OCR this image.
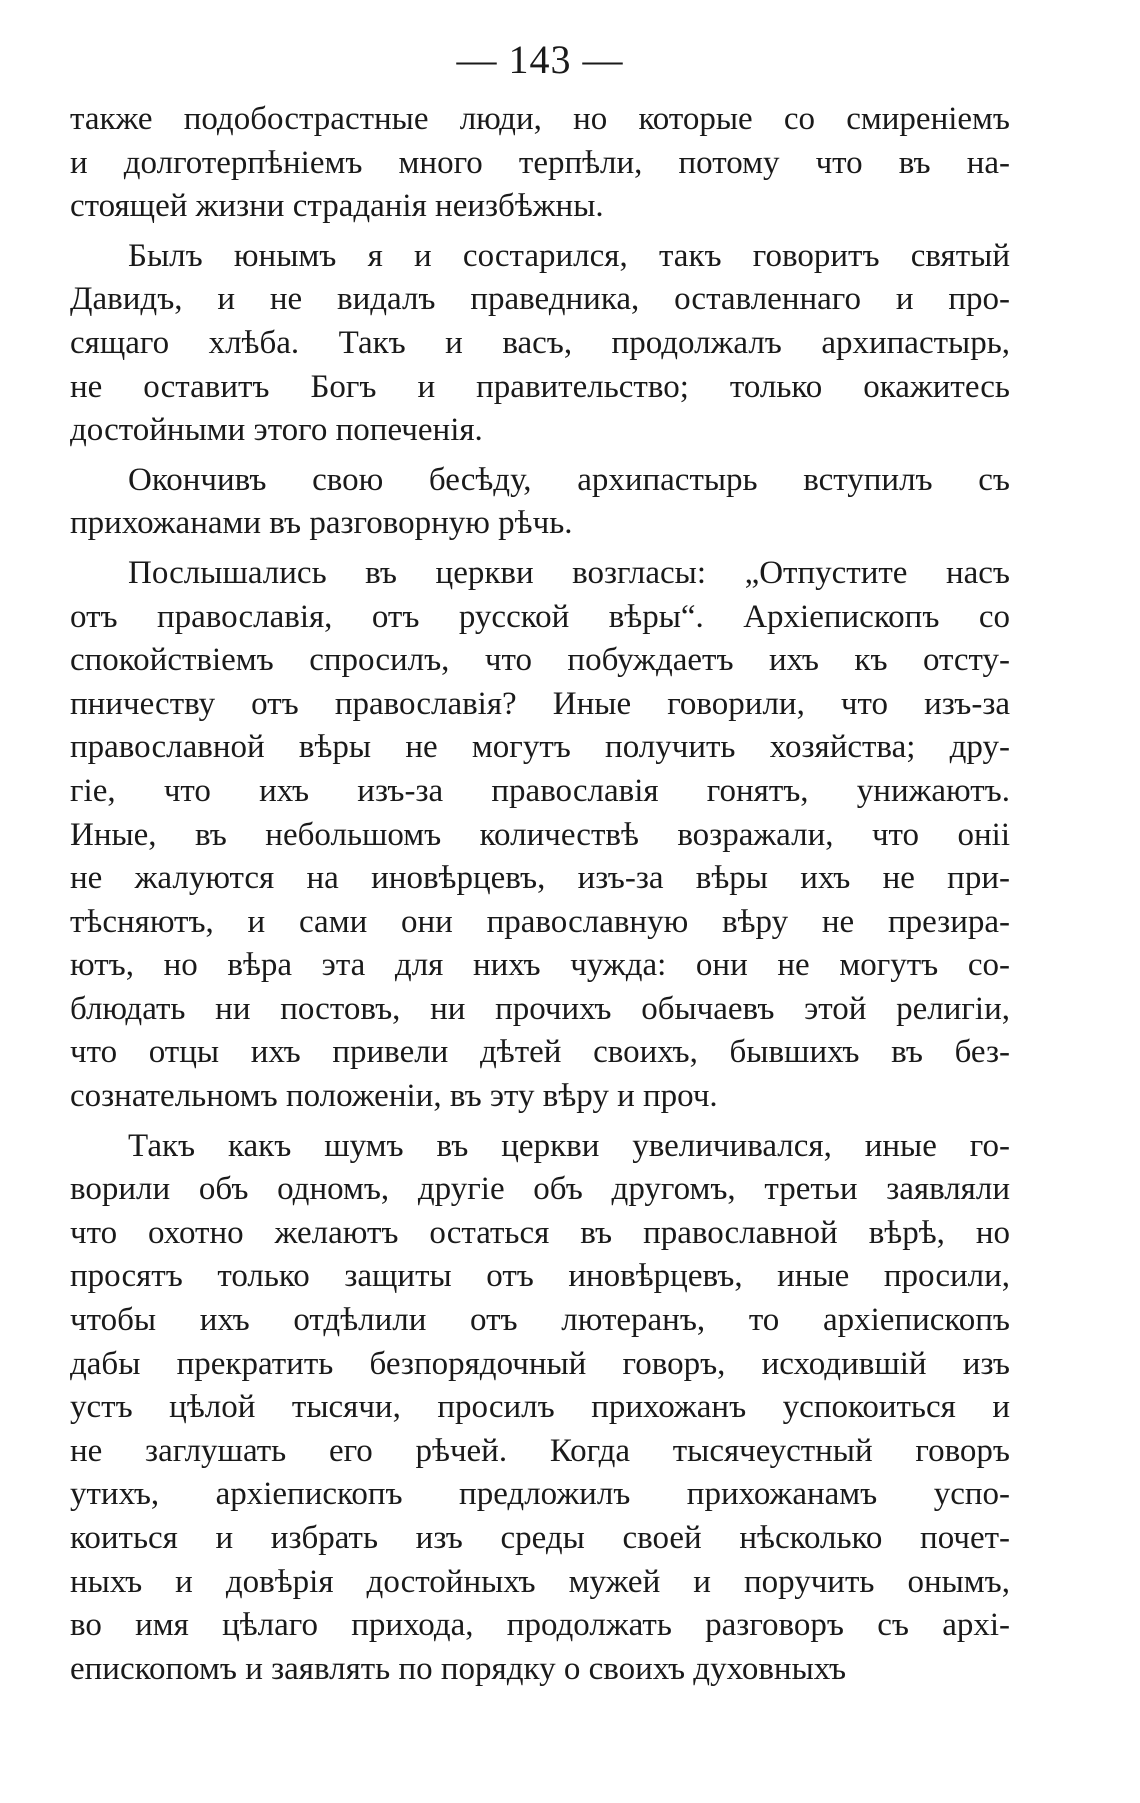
— 143 —
также подобострастные люди, но которые со смиреніемъ
и долготерпѣніемъ много терпѣли, потому что въ на-
стоящей жизни страданія неизбѣжны.
Былъ юнымъ я и состарился, такъ говоритъ святый
Давидъ, и не видалъ праведника, оставленнаго и про-
сящаго хлѣба. Такъ и васъ, продолжалъ архипастырь,
не оставитъ Богъ и правительство; только окажитесь
достойными этого попеченія.
Окончивъ свою бесѣду, архипастырь вступилъ съ
прихожанами въ разговорную рѣчь.
Послышались въ церкви возгласы: „Отпустите насъ
отъ православія, отъ русской вѣры“. Архіепископъ со
спокойствіемъ спросилъ, что побуждаетъ ихъ къ отсту-
пничеству отъ православія? Иные говорили, что изъ-за
православной вѣры не могутъ получить хозяйства; дру-
гіе, что ихъ изъ-за православія гонятъ, унижаютъ.
Иные, въ небольшомъ количествѣ возражали, что оніі
не жалуются на иновѣрцевъ, изъ-за вѣры ихъ не при-
тѣсняютъ, и сами они православную вѣру не презира-
ютъ, но вѣра эта для нихъ чужда: они не могутъ со-
блюдать ни постовъ, ни прочихъ обычаевъ этой религіи,
что отцы ихъ привели дѣтей своихъ, бывшихъ въ без-
сознательномъ положеніи, въ эту вѣру и проч.
Такъ какъ шумъ въ церкви увеличивался, иные го-
ворили объ одномъ, другіе объ другомъ, третьи заявляли
что охотно желаютъ остаться въ православной вѣрѣ, но
просятъ только защиты отъ иновѣрцевъ, иные просили,
чтобы ихъ отдѣлили отъ лютеранъ, то архіепископъ
дабы прекратить безпорядочный говоръ, исходившій изъ
устъ цѣлой тысячи, просилъ прихожанъ успокоиться и
не заглушать его рѣчей. Когда тысячеустный говоръ
утихъ, архіепископъ предложилъ прихожанамъ успо-
коиться и избрать изъ среды своей нѣсколько почет-
ныхъ и довѣрія достойныхъ мужей и поручить онымъ,
во имя цѣлаго прихода, продолжать разговоръ съ архі-
епископомъ и заявлять по порядку о своихъ духовныхъ
